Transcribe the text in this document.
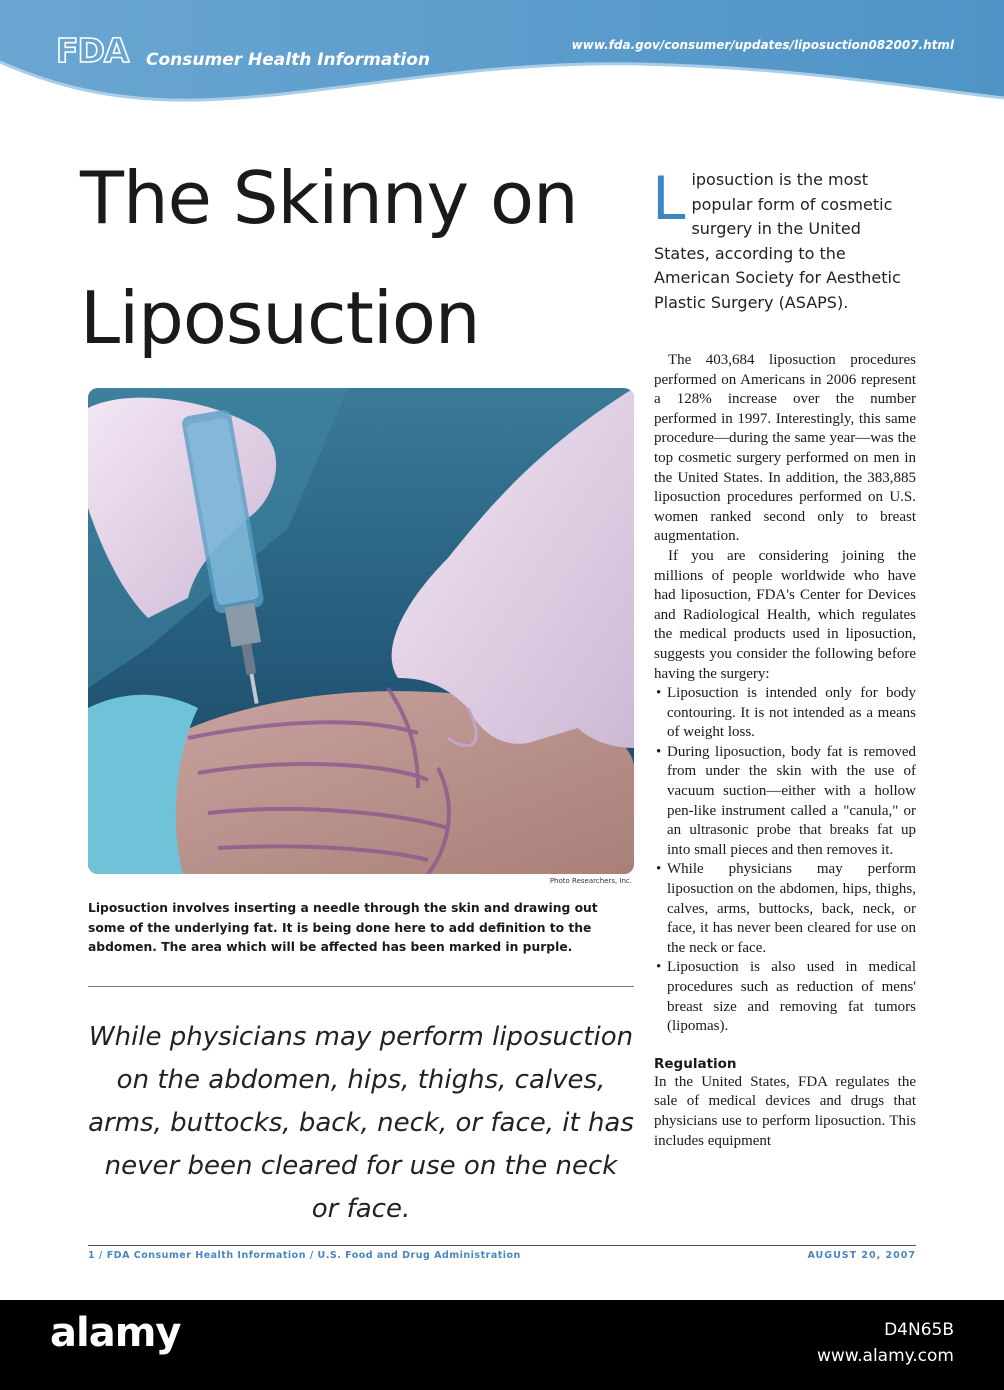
FDA Consumer Health Information
www.fda.gov/consumer/updates/liposuction082007.html
The Skinny on
Liposuction
Photo Researchers, Inc.
Liposuction involves inserting a needle through the skin and drawing out some of the underlying fat. It is being done here to add definition to the abdomen. The area which will be affected has been marked in purple.
While physicians may perform liposuction on the abdomen, hips, thighs, calves, arms, buttocks, back, neck, or face, it has never been cleared for use on the neck or face.
Liposuction is the most popular form of cosmetic surgery in the United States, according to the American Society for Aesthetic Plastic Surgery (ASAPS).

The 403,684 liposuction procedures performed on Americans in 2006 represent a 128% increase over the number performed in 1997. Interestingly, this same procedure—during the same year—was the top cosmetic surgery performed on men in the United States. In addition, the 383,885 liposuction procedures performed on U.S. women ranked second only to breast augmentation.

If you are considering joining the millions of people worldwide who have had liposuction, FDA's Center for Devices and Radiological Health, which regulates the medical products used in liposuction, suggests you consider the following before having the surgery:

• Liposuction is intended only for body contouring. It is not intended as a means of weight loss.
• During liposuction, body fat is removed from under the skin with the use of vacuum suction—either with a hollow pen-like instrument called a "canula," or an ultrasonic probe that breaks fat up into small pieces and then removes it.
• While physicians may perform liposuction on the abdomen, hips, thighs, calves, arms, buttocks, back, neck, or face, it has never been cleared for use on the neck or face.
• Liposuction is also used in medical procedures such as reduction of mens' breast size and removing fat tumors (lipomas).
Regulation

In the United States, FDA regulates the sale of medical devices and drugs that physicians use to perform liposuction. This includes equipment

1 / FDA Consumer Health Information / U.S. Food and Drug Administration	AUGUST 20, 2007
alamy	D4N65B
www.alamy.com
